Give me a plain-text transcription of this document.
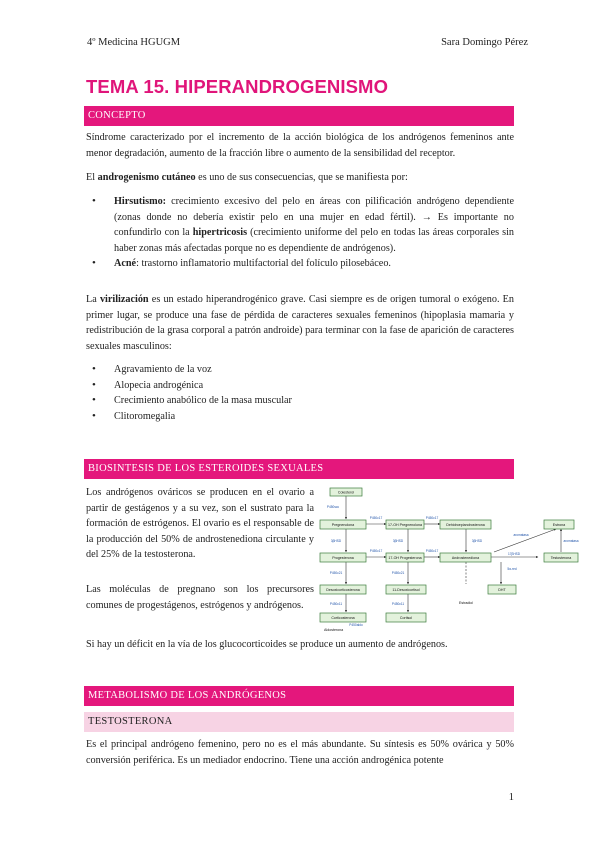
4º Medicina HGUGM	Sara Domingo Pérez
TEMA 15. HIPERANDROGENISMO
CONCEPTO

Síndrome caracterizado por el incremento de la acción biológica de los andrógenos femeninos ante menor degradación, aumento de la fracción libre o aumento de la sensibilidad del receptor.

El androgenismo cutáneo es uno de sus consecuencias, que se manifiesta por:

• Hirsutismo: crecimiento excesivo del pelo en áreas con pilificación andrógeno dependiente (zonas donde no debería existir pelo en una mujer en edad fértil). → Es importante no confundirlo con la hipertricosis (crecimiento uniforme del pelo en todas las áreas corporales sin haber zonas más afectadas porque no es dependiente de andrógenos).
• Acné: trastorno inflamatorio multifactorial del folículo pilosebáceo.

La virilización es un estado hiperandrogénico grave. Casi siempre es de origen tumoral o exógeno. En primer lugar, se produce una fase de pérdida de caracteres sexuales femeninos (hipoplasia mamaria y redistribución de la grasa corporal a patrón androide) para terminar con la fase de aparición de caracteres sexuales masculinos:

• Agravamiento de la voz
• Alopecia androgénica
• Crecimiento anabólico de la masa muscular
• Clitoromegalia
BIOSINTESIS DE LOS ESTEROIDES SEXUALES

Los andrógenos ováricos se producen en el ovario a partir de gestágenos y a su vez, son el sustrato para la formación de estrógenos. El ovario es el responsable de la producción del 50% de androstenediona circulante y del 25% de la testosterona.

Las moléculas de pregnano son los precursores comunes de progestágenos, estrógenos y andrógenos.

Si hay un déficit en la vía de los glucocorticoides se produce un aumento de andrógenos.

Colesterol
Pregnenolona	17-OH Pregnenolona	Dehidroepiandrosterona	Estrona
Progesterona	17-OH Progesterona	Androstenediona	Testosterona
Desoxicorticosterona	11-Desoxicortisol	DHT
Corticosterona	Cortisol
Estradiol
Aldosterona
P450scc
P450c17	P450c17
P450c17	P450c17
3βHSD	3βHSD	3βHSD
17βHSD
aromatasa
aromatasa
P450c21	P450c21
P450c11	P450c11
5α-red
P450aldo
METABOLISMO DE LOS ANDRÓGENOS
TESTOSTERONA

Es el principal andrógeno femenino, pero no es el más abundante. Su síntesis es 50% ovárica y 50% conversión periférica. Es un mediador endocrino. Tiene una acción androgénica potente

1
